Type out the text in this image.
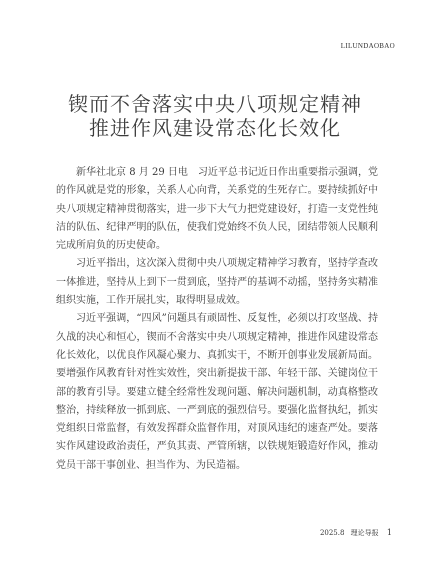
LILUNDAOBAO
锲而不舍落实中央八项规定精神
推进作风建设常态化长效化

新华社北京 8 月 29 日电　习近平总书记近日作出重要指示强调，党的作风就是党的形象，关系人心向背，关系党的生死存亡。要持续抓好中央八项规定精神贯彻落实，进一步下大气力把党建设好，打造一支党性纯洁的队伍、纪律严明的队伍，使我们党始终不负人民，团结带领人民顺利完成所肩负的历史使命。

习近平指出，这次深入贯彻中央八项规定精神学习教育，坚持学查改一体推进，坚持从上到下一贯到底，坚持严的基调不动摇，坚持务实精准组织实施，工作开展扎实，取得明显成效。

习近平强调，“四风”问题具有顽固性、反复性，必须以打攻坚战、持久战的决心和恒心，锲而不舍落实中央八项规定精神，推进作风建设常态化长效化，以优良作风凝心聚力、真抓实干，不断开创事业发展新局面。要增强作风教育针对性实效性，突出新提拔干部、年轻干部、关键岗位干部的教育引导。要建立健全经常性发现问题、解决问题机制，动真格整改整治，持续释放一抓到底、一严到底的强烈信号。要强化监督执纪，抓实党组织日常监督，有效发挥群众监督作用，对顶风违纪的速查严处。要落实作风建设政治责任，严负其责、严管所辖，以铁规矩锻造好作风，推动党员干部干事创业、担当作为、为民造福。

2025.8 理论导报 1
